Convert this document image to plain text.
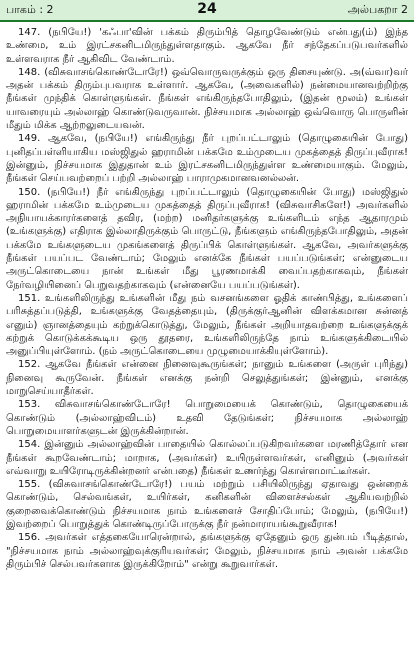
பாகம் : 2	24	அல்பகறா 2

147. (நபியே!) 'கஃபா'வின் பக்கம் திரும்பித் தொழவேண்டும் என்பது(ம்) இந்த உண்மை, உம் இரட்சகனிடமிருந்துள்ளதாகும். ஆகவே நீர் சந்தேகப்படுபவர்களில் உள்ளவராக நீர் ஆகிவிட வேண்டாம்.

148. (விசுவாசங்கொண்டோரே!) ஒவ்வொருவருக்கும் ஒரு திசையுண்டு. அ(வ்வா)வர் அதன் பக்கம் திரும்புபவராக உள்ளார். ஆகவே, (அவைகளில்) நன்மையானவற்றிற்கு நீங்கள் முந்திக் கொள்ளுங்கள். நீங்கள் எங்கிருந்தபோதிலும், (இதன் மூலம்) உங்கள் யாவரையும் அல்லாஹ் கொண்டுவருவான். நிச்சயமாக அல்லாஹ் ஒவ்வொரு பொருளின் மீதும் மிக்க ஆற்றலுடையவன்.

149. ஆகவே, (நபியே!) எங்கிருந்து நீர் புறப்பட்டாலும் (தொழுகையின் போது) புனிதப்பள்ளியாகிய மஸ்ஜிதுல் ஹராமின் பக்கமே உம்முடைய முகத்தைத் திருப்புவீராக! இன்னும், நிச்சயமாக இதுதான் உம் இரட்சகனிடமிருந்துள்ள உண்மையாகும். மேலும், நீங்கள் செய்பவற்றைப் பற்றி அல்லாஹ் பாராமுகமானவனல்லன்.

150. (நபியே!) நீர் எங்கிருந்து புறப்பட்டாலும் (தொழுகையின் போது) மஸ்ஜிதுல் ஹராமின் பக்கமே உம்முடைய முகத்தைத் திருப்புவீராக! (விசுவாசிகளே!) அவர்களில் அநியாயக்காரர்களைத் தவிர, (மற்ற) மனிதர்களுக்கு உங்களிடம் எந்த ஆதாரமும் (உங்களுக்கு) எதிராக இல்லாதிருக்கும் பொருட்டு, நீங்களும் எங்கிருந்தபோதிலும், அதன் பக்கமே உங்களுடைய முகங்களைத் திருப்பிக் கொள்ளுங்கள். ஆகவே, அவர்களுக்கு நீங்கள் பயப்பட வேண்டாம்; மேலும் எனக்கே நீங்கள் பயப்படுங்கள்; என்னுடைய அருட்கொடையை நான் உங்கள் மீது பூரணமாக்கி வைப்பதற்காகவும், நீங்கள் நேர்வழியினைப் பெறுவதற்காகவும் (என்னையே பயப்படுங்கள்).

151. உங்களிலிருந்து உங்களின் மீது நம் வசனங்களை ஓதிக் காண்பித்து, உங்களைப் பரிசுத்தப்படுத்தி, உங்களுக்கு வேதத்தையும், (திருக்குர்ஆனின் விளக்கமான சுன்னத் எனும்) ஞானத்தையும் கற்றுக்கொடுத்து, மேலும், நீங்கள் அறியாதவற்றை உங்களுக்குக் கற்றுக் கொடுக்கக்கூடிய ஒரு தூதரை, உங்களிலிருந்தே நாம் உங்களுக்கிடையில் அனுப்பியுள்ளோம். (நம் அருட்கொடையை முழுமையாக்கியுள்ளோம்).

152. ஆகவே நீங்கள் என்னை நினைவுகூருங்கள்; நானும் உங்களை (அருள் புரிந்து) நினைவு கூருவேன். நீங்கள் எனக்கு நன்றி செலுத்துங்கள்; இன்னும், எனக்கு மாறுசெய்யாதீர்கள்.

153. விசுவாசங்கொண்டோரே! பொறுமையைக் கொண்டும், தொழுகையைக் கொண்டும் (அல்லாஹ்விடம்) உதவி தேடுங்கள்; நிச்சயமாக அல்லாஹ் பொறுமையாளர்களுடன் இருக்கின்றான்.

154. இன்னும் அல்லாஹ்வின் பாதையில் கொல்லப்படுகிறவர்களை மரணித்தோர் என நீங்கள் கூறவேண்டாம்; மாறாக, (அவர்கள்) உயிருள்ளவர்கள், எனினும் (அவர்கள் எவ்வாறு உயிரோடிருக்கின்றனர் என்பதை) நீங்கள் உணர்ந்து கொள்ளமாட்டீர்கள்.

155. (விசுவாசங்கொண்டோரே!) பயம் மற்றும் பசியிலிருந்து ஏதாவது ஒன்றைக் கொண்டும், செல்வங்கள், உயிர்கள், கனிகளின் விளைச்சல்கள் ஆகியவற்றில் குறைவைக்கொண்டும் நிச்சயமாக நாம் உங்களைச் சோதிப்போம்; மேலும், (நபியே!) இவற்றைப் பொறுத்துக் கொண்டிருப்போருக்கு நீர் நன்மாராயங்கூறுவீராக!

156. அவர்கள் எத்தகையோரென்றால், தங்களுக்கு ஏதேனும் ஒரு துன்பம் பீடித்தால், "நிச்சயமாக நாம் அல்லாஹ்வுக்குரியவர்கள்; மேலும், நிச்சயமாக நாம் அவன் பக்கமே திரும்பிச் செல்பவர்களாக இருக்கிறோம்" என்று கூறுவார்கள்.
